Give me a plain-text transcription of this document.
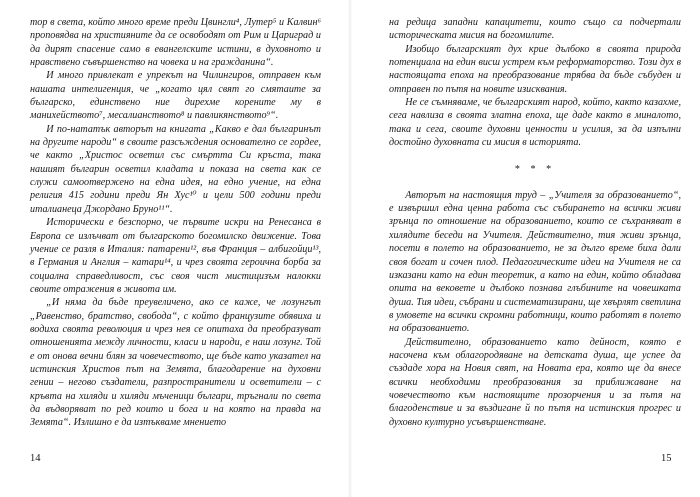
тор в света, който много време преди Цвингли⁴, Лутер⁵ и Калвин⁶ проповядва на християните да се освободят от Рим и Цариград и да дирят спасение само в евангелските истини, в духовното и нравствено съвършенство на човека и на гражданина“.

И много привлекат е упрекът на Чилингиров, отправен към нашата интелигенция, че „когато цял свят го смятаите за българско, единствено ние дирехме корените му в манихейството⁷, месалианството⁸ и павликянството⁹“.

И по-нататък авторът на книгата „Какво е дал българинът на другите народи“ в своите разсъждения основателно се гордее, че както „Христос осветил със смъртта Си кръста, така нашият българин осветил кладата и показа на света как се служи самоотвержено на една идея, на едно учение, на една религия 415 години преди Ян Хус¹⁰ и цели 500 години преди италианеца Джордано Бруно¹¹“.

Исторически е безспорно, че първите искри на Ренесанса в Европа се излъчват от българското богомилско движение. Това учение се разля в Италия: патарени¹², във Франция – албигойци¹³, в Германия и Англия – катари¹⁴, и чрез своята героична борба за социална справедливост, със своя чист мистицизъм налокки своите отражения в живота им.

„И няма да бъде преувеличено, ако се каже, че лозунгът „Равенство, братство, свобода“, с който французите обявиха и водиха своята революция и чрез нея се опитаха да преобразуват отношенията между личности, класи и народи, е наш лозунг. Той е от онова вечни блян за човечеството, ще бъде като указател на истинския Христов път на Земята, благодарение на духовни гении – негово създатели, разпространители и осветители – с кръвта на хиляди и хиляди мъченици българи, тръгнали по света да въдворяват по ред които и бога и на която на правда на Земята“. Излишно е да изтъкваме мнението

на редица западни капацитети, които също са подчертали историческата мисия на богомилите.

Изобщо българският дух крие дълбоко в своята природа потенциала на един висш устрем към реформаторство. Този дух в настоящата епоха на преобразование трябва да бъде събуден и отправен по пътя на новите изисквания.

Не се съмняваме, че българският народ, който, както казахме, сега навлиза в своята златна епоха, ще даде както в миналото, така и сега, своите духовни ценности и усилия, за да изпълни достойно духовната си мисия в историята.

* * *

Авторът на настоящия труд – „Учителя за образованието“, е извършил една ценна работа със събирането на всички живи зрънца по отношение на образованието, които се съхраняват в хилядите беседи на Учителя. Действително, тия живи зрънца, посети в полето на образованието, не за дълго време биха дали своя богат и сочен плод. Педагогическите идеи на Учителя не са изказани като на един теоретик, а като на един, който обладава опита на вековете и дълбоко познава глъбините на човешката душа. Тия идеи, събрани и систематизирани, ще хвърлят светлина в умовете на всички скромни работници, които работят в полето на образованието.

Действително, образованието като дейност, която е насочена към облагородяване на детската душа, ще успее да създаде хора на Новия свят, на Новата ера, която ще да внесе всички необходими преобразования за приближаване на човечеството към настоящите прозорчения и за пътя на благоденствие и за въздигане й по пътя на истинския прогрес и духовно културно усъвършенстване.

14	15
